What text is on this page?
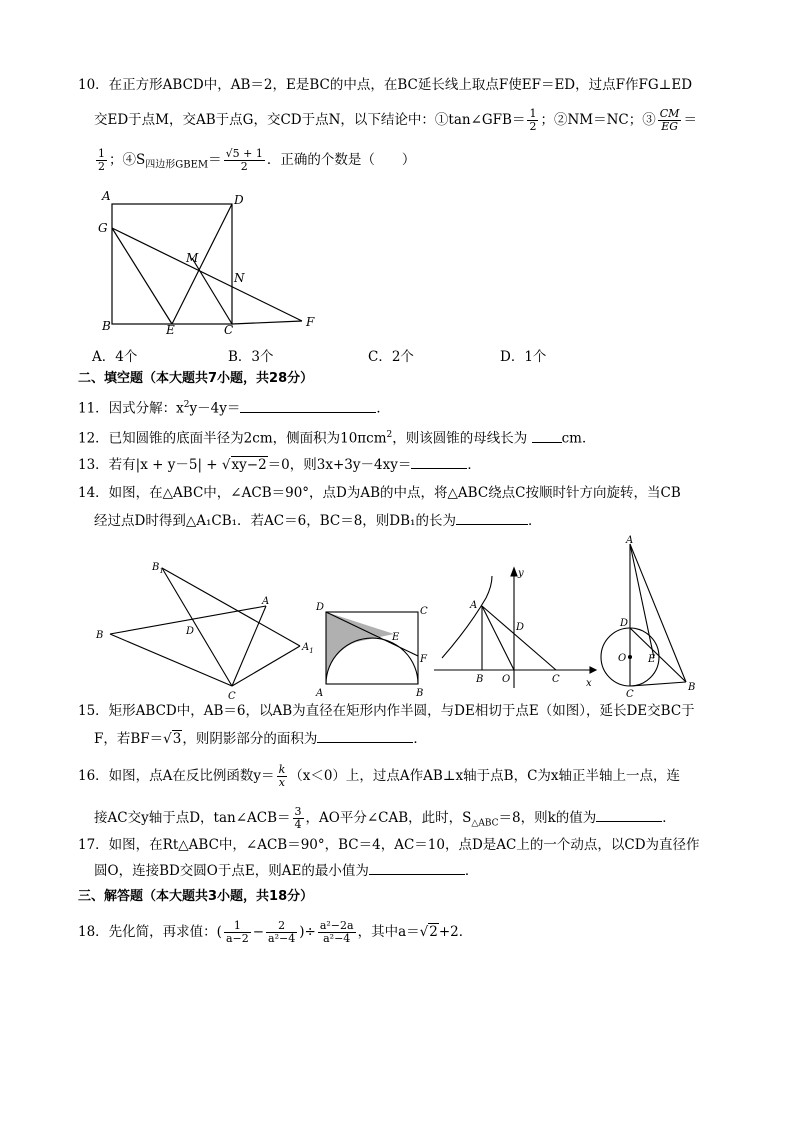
10．在正方形ABCD中，AB＝2，E是BC的中点，在BC延长线上取点F使EF＝ED，过点F作FG⊥ED
交ED于点M，交AB于点G，交CD于点N，以下结论中：①tan∠GFB＝ $\frac{1}{2}$ ；②NM＝NC；③ $\frac{CM}{EG}$ ＝
$\frac{1}{2}$ ；$④S_{四边形GBEM}= \frac{√5 + 1}{2}$ ．正确的个数是（　　）
A	D
G
M
N
B	E	C
F
A．4个	B．3个	C．2个	D．1个
二、填空题（本大题共7小题，共28分）
11．因式分解：$x^2y-4y=$	．
12．已知圆锥的底面半径为2cm，侧面积为10πcm$^2$，则该圆锥的母线长为	cm．
13．若有|x + y－5| + √xy−2＝0，则3x+3y－4xy＝	．
14．如图，在△ABC中，∠ACB＝90°，点D为AB的中点，将△ABC绕点C按顺时针方向旋转，当CB
经过点D时得到△A₁CB₁．若AC＝6，BC＝8，则DB₁的长为	．
$B_1$
A
D
B
$A_1$
C
D	C
E
F
A	B
y
A
D
B O	C	x
A
D
O E
C
B
15．矩形ABCD中，AB＝6，以AB为直径在矩形内作半圆，与DE相切于点E（如图），延长DE交BC于
F，若BF＝√3，则阴影部分的面积为	．
16．如图，点A在反比例函数$y= \frac{k}{x} (x<0)$上，过点A作AB⊥x轴于点B，C为x轴正半轴上一点，连
接AC交y轴于点D，tan∠ACB＝ $\frac{3}{4}$ ，AO平分∠CAB，此时，$S_{\triangle ABC}=8$，则k的值为	．
17．如图，在Rt△ABC中，∠ACB＝90°，BC＝4，AC＝10，点D是AC上的一个动点，以CD为直径作
圆O，连接BD交圆O于点E，则AE的最小值为	．
三、解答题（本大题共3小题，共18分）
18．先化简，再求值：( $\frac{1}{a-2} - \frac{2}{\text{a²−4}}$ )÷ $\frac{\text{a²−2a}}{\text{a²−4}}$ ，其中a＝√2+2．
